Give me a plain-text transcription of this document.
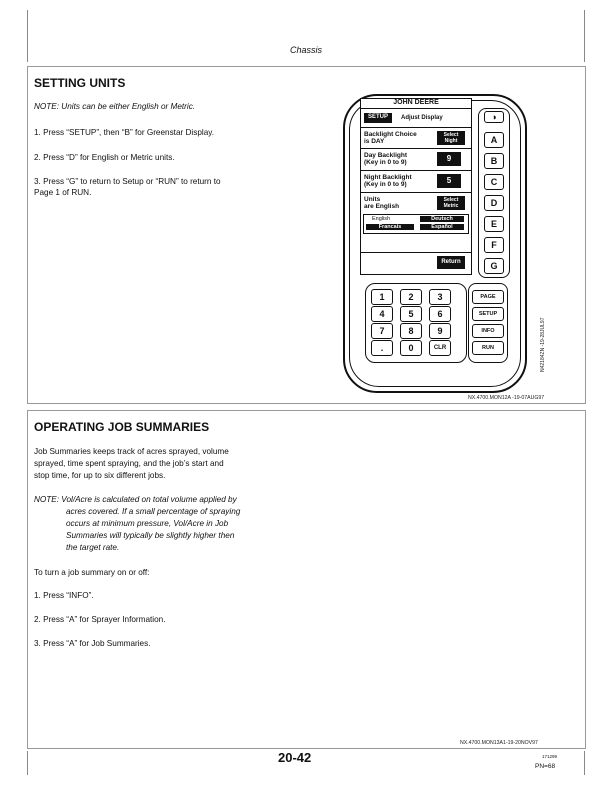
Chassis
SETTING UNITS
NOTE: Units can be either English or Metric.
1. Press “SETUP”, then “B” for Greenstar Display.
2. Press “D” for English or Metric units.
3. Press “G” to return to Setup or “RUN” to return to
Page 1 of RUN.
JOHN DEERE
SETUP	Adjust Display
Backlight Choice
is DAY
Select
Night
Day Backlight
(Key in 0 to 9)	9
Night Backlight
(Key in 0 to 9)	5
Units
are English
Select
Metric
English	Deutsch
Francais	Español
Return
◑
A
B
C
D
E
F
G
1	2	3
4	5	6
7	8	9
.	0	CLR
PAGE
SETUP
INFO
RUN	N42184ZN -19-28JUL97
NX.4700.MON12A -19-07AUG97
OPERATING JOB SUMMARIES
Job Summaries keeps track of acres sprayed, volume
sprayed, time spent spraying, and the job’s start and
stop time, for up to six different jobs.
NOTE: Vol/Acre is calculated on total volume applied by
acres covered. If a small percentage of spraying
occurs at minimum pressure, Vol/Acre in Job
Summaries will typically be slightly higher then
the target rate.
To turn a job summary on or off:
1. Press “INFO”.
2. Press “A” for Sprayer Information.
3. Press “A” for Job Summaries.
NX.4700.MON13A1-19-20NOV97
20-42	171299
PN=68
